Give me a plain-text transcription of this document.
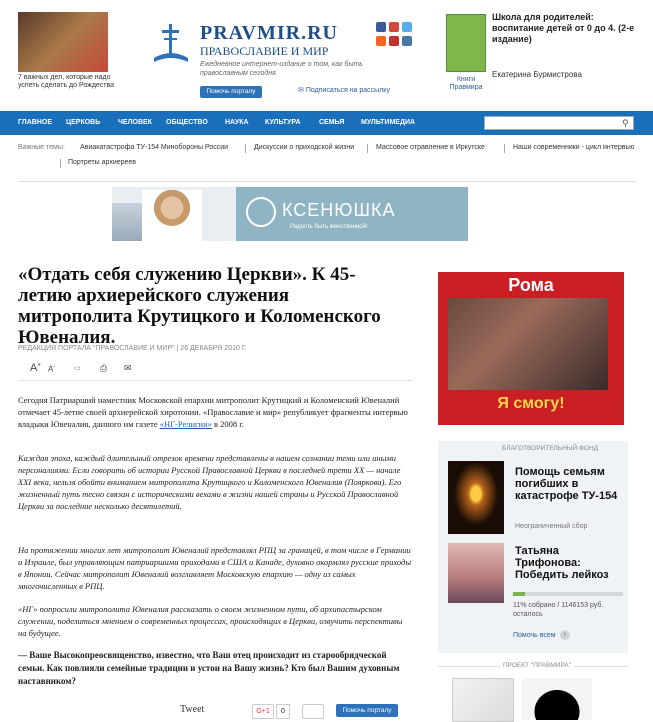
7 важных дел, которые надо успеть сделать до Рождества
PRAVMIR.RU
ПРАВОСЛАВИЕ И МИР
Ежедневное интернет-издание о том, как быть православным сегодня
Помочь порталу	✉ Подписаться на рассылку
Книги Правмира
Школа для родителей: воспитание детей от 0 до 4. (2-е издание)
Екатерина Бурмистрова
ГЛАВНОЕ ЦЕРКОВЬ	ЧЕЛОВЕК ОБЩЕСТВО НАУКА КУЛЬТУРА	СЕМЬЯ МУЛЬТИМЕДИА	⚲
Важные темы: Авиакатастрофа ТУ-154 Минобороны России	Дискуссии о приходской жизни	Массовое отравление в Иркутске	Наши современники - цикл интервью
Портреты архиереев
КСЕНЮШКА
Радость быть женственной!
«Отдать себя служению Церкви». К 45-летию архиерейского служения митрополита Крутицкого и Коломенского Ювеналия.
РЕДАКЦИЯ ПОРТАЛА "ПРАВОСЛАВИЕ И МИР" | 26 ДЕКАБРЯ 2010 Г.
A+ A-	▭ ⎙ ✉
Сегодня Патриарший наместник Московской епархии митрополит Крутицкий и Коломенский Ювеналий отмечает 45-летие своей архиерейской хиротонии. «Православие и мир» републикует фрагменты интервью владыки Ювеналия, данного им газете «НГ-Религии» в 2008 г.
Каждая эпоха, каждый длительный отрезок времени представлены в нашем сознании теми или иными персоналиями. Если говорить об истории Русской Православной Церкви в последней трети XX — начале XXI века, нельзя обойти вниманием митрополита Крутицкого и Коломенского Ювеналия (Пояркова). Его жизненный путь тесно связан с историческими вехами в жизни нашей страны и Русской Православной Церкви за последние несколько десятилетий.
На протяжении многих лет митрополит Ювеналий представлял РПЦ за границей, в том числе в Германии и Израиле, был управляющим патриаршими приходами в США и Канаде, духовно окормлял русские приходы в Японии. Сейчас митрополит Ювеналий возглавляет Московскую епархию — одну из самых многочисленных в РПЦ.
«НГ» попросили митрополита Ювеналия рассказать о своем жизненном пути, об архипастырском служении, поделиться мнением о современных процессах, происходящих в Церкви, озвучить перспективы на будущее.
— Ваше Высокопреосвященство, известно, что Ваш отец происходит из старообрядческой семьи. Как повлияли семейные традиции и устои на Вашу жизнь? Кто был Вашим духовным наставником?
Tweet	G+1	0	Помочь порталу
Рома
Я смогу!
БЛАГОТВОРИТЕЛЬНЫЙ ФОНД
Помощь семьям погибших в катастрофе ТУ-154
Неограниченный сбор
Татьяна Трифонова: Победить лейкоз
11% собрано / 1146153 руб. осталось
Помочь всем	›
ПРОЕКТ "ПРАВМИРА"
